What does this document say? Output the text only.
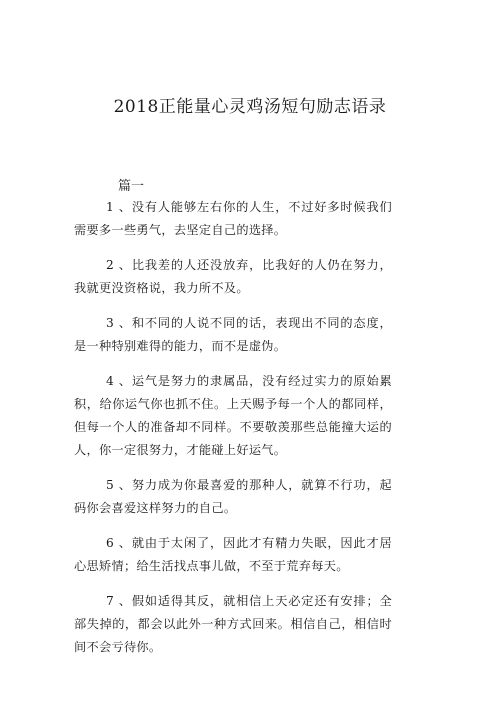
2018正能量心灵鸡汤短句励志语录
篇一

1 、没有人能够左右你的人生，不过好多时候我们需要多一些勇气，去坚定自己的选择。

2 、比我差的人还没放弃，比我好的人仍在努力，我就更没资格说，我力所不及。

3 、和不同的人说不同的话，表现出不同的态度，是一种特别难得的能力，而不是虚伪。

4 、运气是努力的隶属品，没有经过实力的原始累积，给你运气你也抓不住。上天赐予每一个人的都同样，但每一个人的准备却不同样。不要敬羡那些总能撞大运的人，你一定很努力，才能碰上好运气。

5 、努力成为你最喜爱的那种人，就算不行功，起码你会喜爱这样努力的自己。

6 、就由于太闲了，因此才有精力失眠，因此才居心思矫情；给生活找点事儿做，不至于荒弃每天。

7 、假如适得其反，就相信上天必定还有安排；全部失掉的，都会以此外一种方式回来。相信自己，相信时间不会亏待你。
